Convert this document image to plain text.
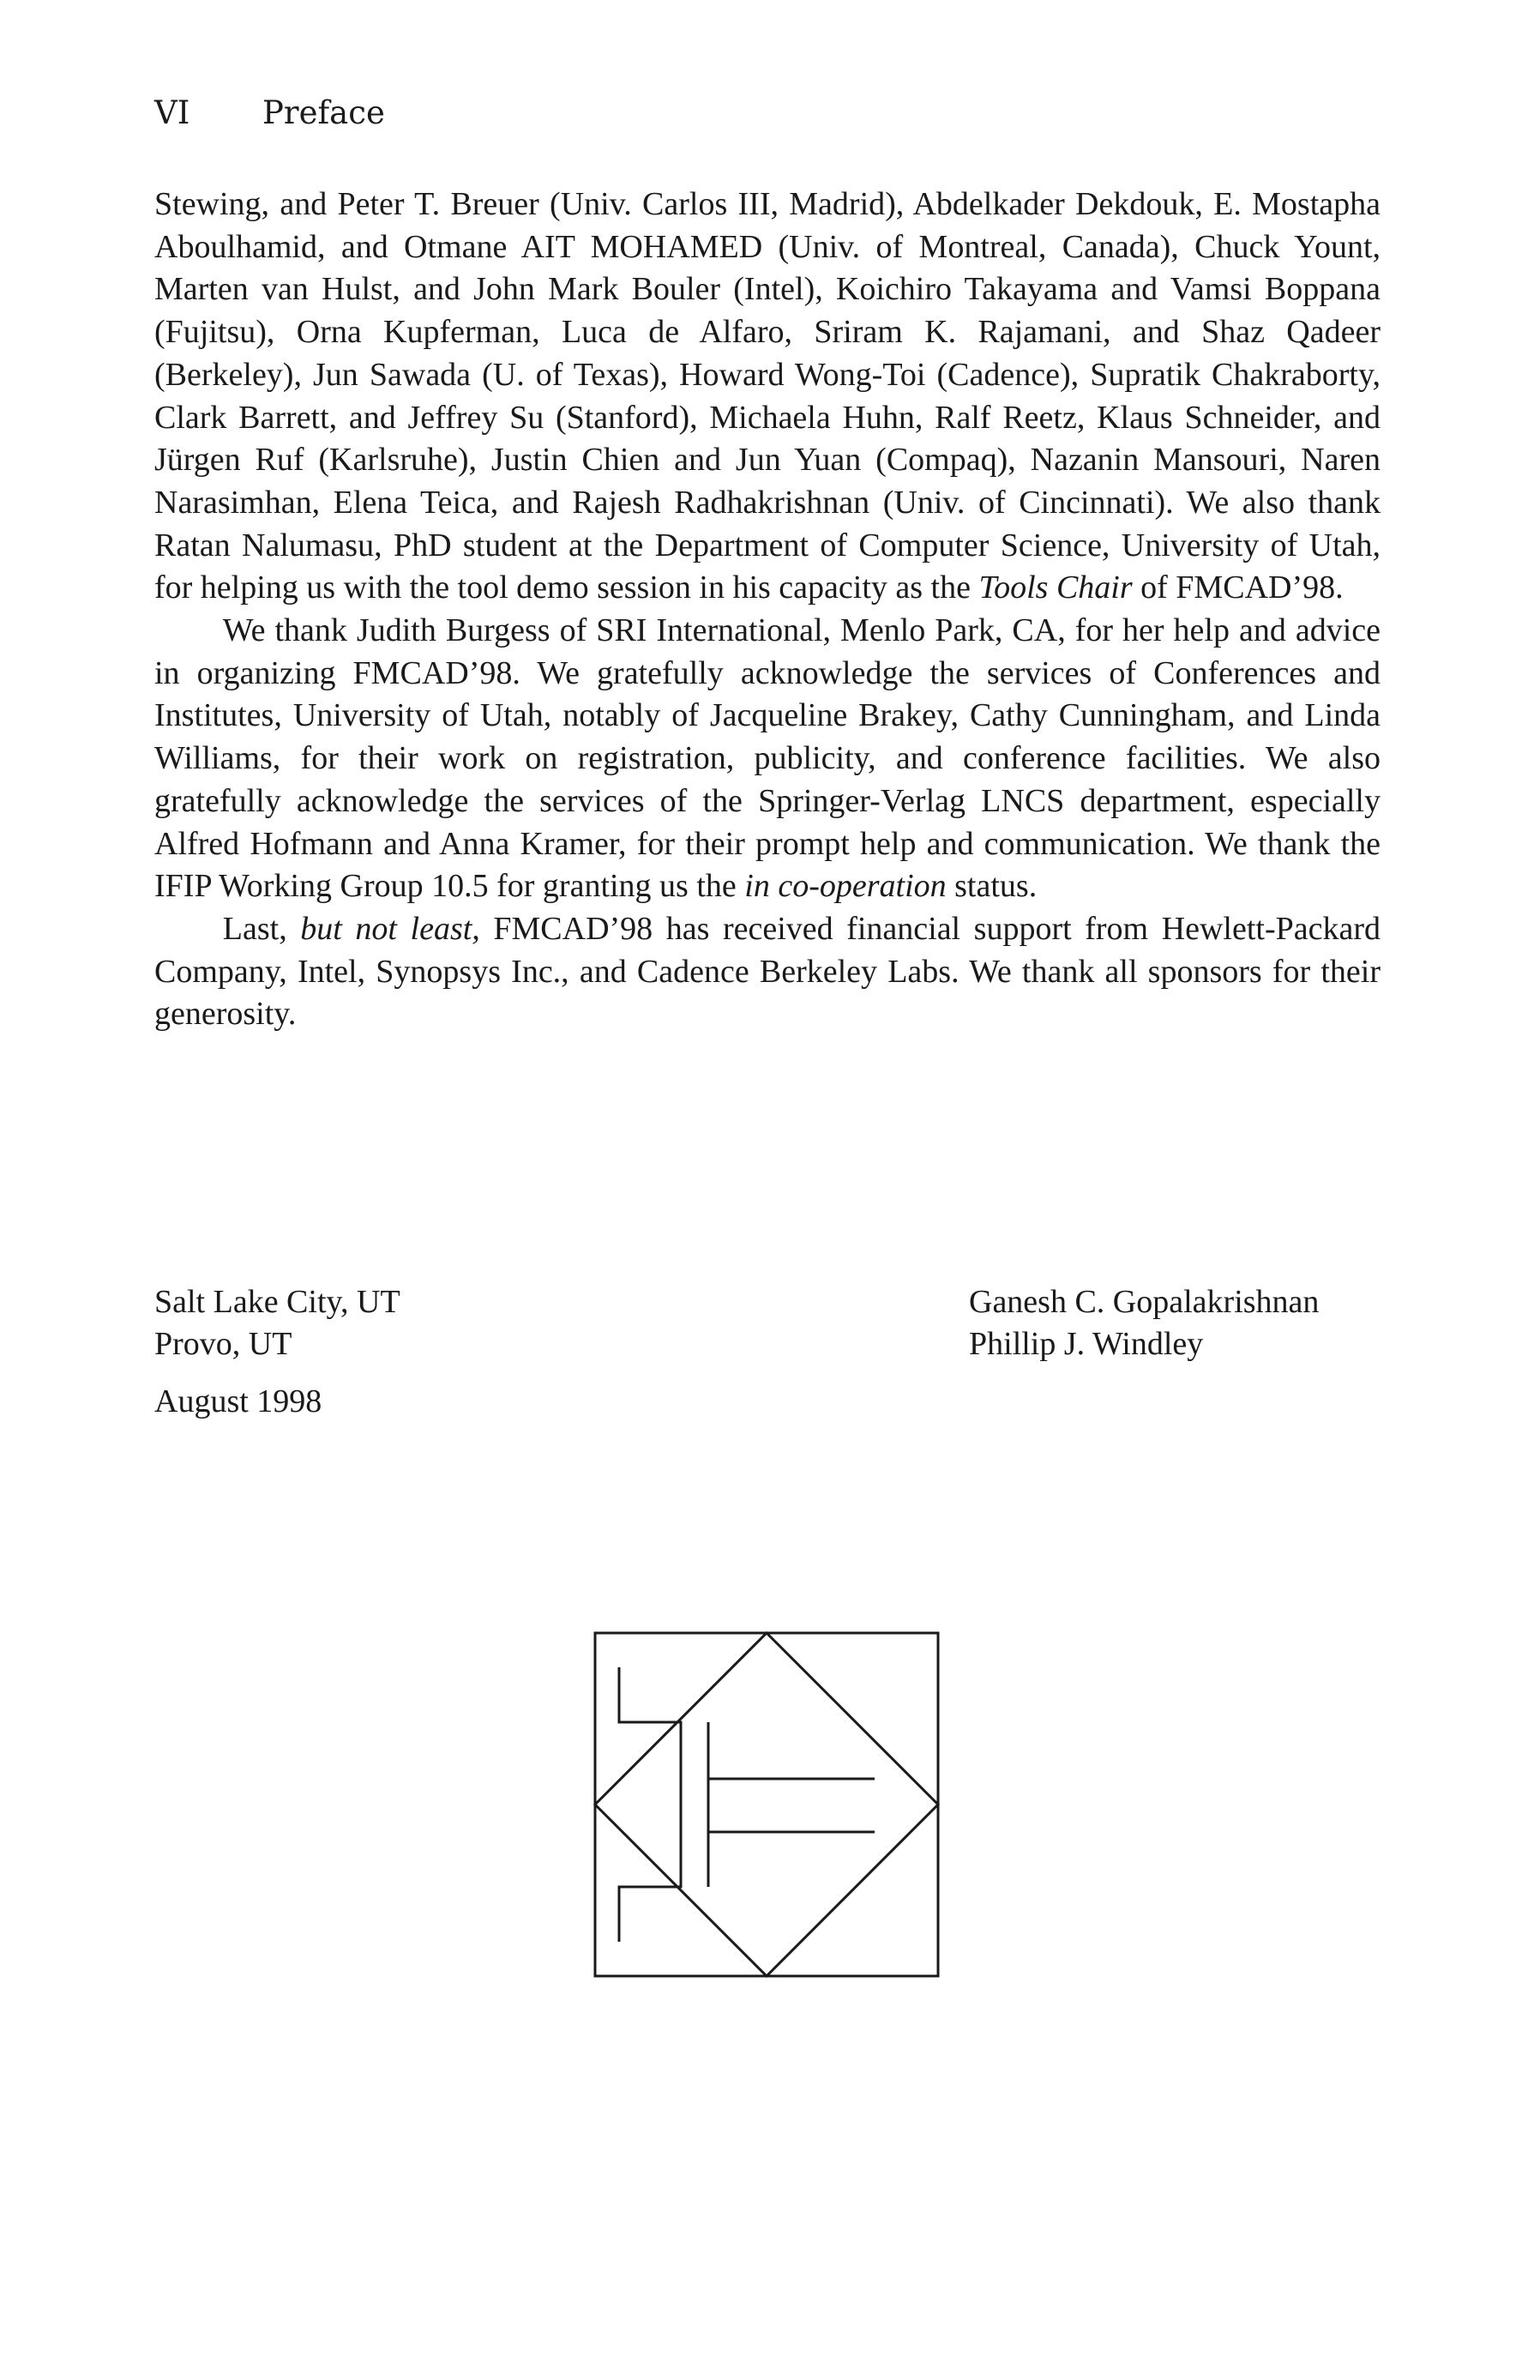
VI Preface

Stewing, and Peter T. Breuer (Univ. Carlos III, Madrid), Abdelkader Dekdouk, E. Mostapha Aboulhamid, and Otmane AIT MOHAMED (Univ. of Montreal, Canada), Chuck Yount, Marten van Hulst, and John Mark Bouler (Intel), Koichiro Takayama and Vamsi Boppana (Fujitsu), Orna Kupferman, Luca de Alfaro, Sriram K. Rajamani, and Shaz Qadeer (Berkeley), Jun Sawada (U. of Texas), Howard Wong-Toi (Cadence), Supratik Chakraborty, Clark Barrett, and Jeffrey Su (Stanford), Michaela Huhn, Ralf Reetz, Klaus Schneider, and Jürgen Ruf (Karlsruhe), Justin Chien and Jun Yuan (Compaq), Nazanin Mansouri, Naren Narasimhan, Elena Teica, and Rajesh Radhakrishnan (Univ. of Cincinnati). We also thank Ratan Nalumasu, PhD student at the Department of Computer Science, University of Utah, for helping us with the tool demo session in his capacity as the Tools Chair of FMCAD’98.

We thank Judith Burgess of SRI International, Menlo Park, CA, for her help and advice in organizing FMCAD’98. We gratefully acknowledge the services of Conferences and Institutes, University of Utah, notably of Jacqueline Brakey, Cathy Cunningham, and Linda Williams, for their work on registration, publicity, and conference facilities. We also gratefully acknowledge the services of the Springer-Verlag LNCS department, especially Alfred Hofmann and Anna Kramer, for their prompt help and communication. We thank the IFIP Working Group 10.5 for granting us the in co-operation status.

Last, but not least, FMCAD’98 has received financial support from Hewlett-Packard Company, Intel, Synopsys Inc., and Cadence Berkeley Labs. We thank all sponsors for their generosity.

Salt Lake City, UT
Provo, UT
August 1998
Ganesh C. Gopalakrishnan
Phillip J. Windley
